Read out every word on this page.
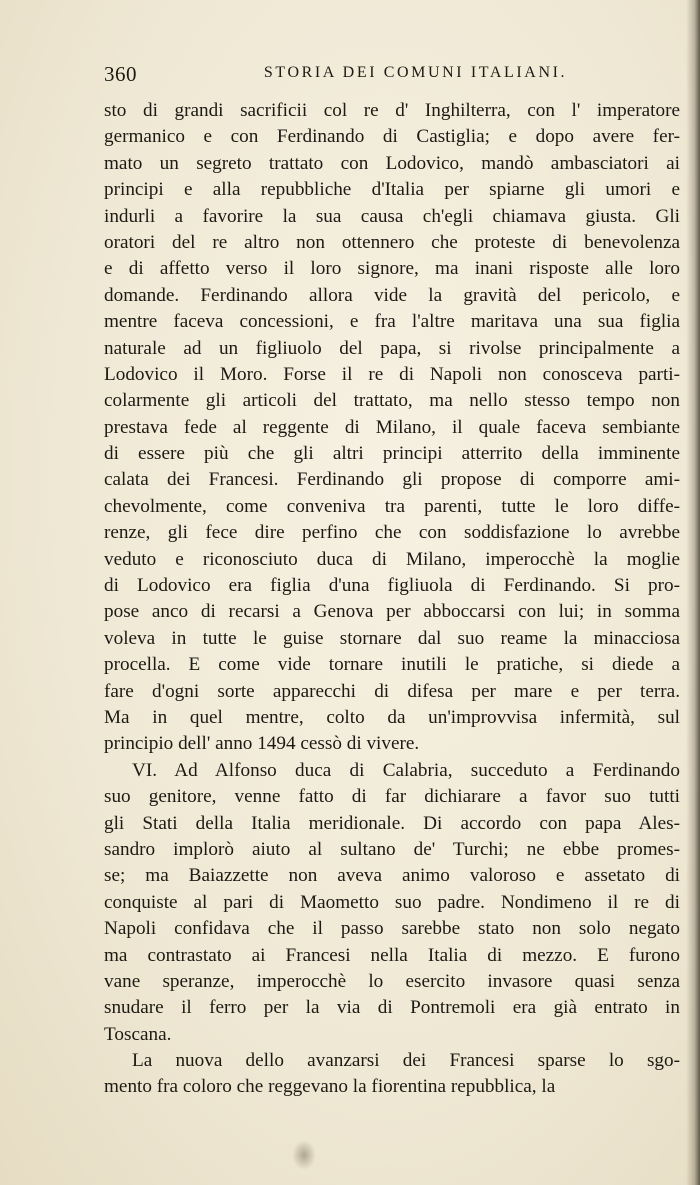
360	STORIA DEI COMUNI ITALIANI.

sto di grandi sacrificii col re d' Inghilterra, con l' imperatore
germanico e con Ferdinando di Castiglia; e dopo avere fer-
mato un segreto trattato con Lodovico, mandò ambasciatori ai
principi e alla repubbliche d'Italia per spiarne gli umori e
indurli a favorire la sua causa ch'egli chiamava giusta. Gli
oratori del re altro non ottennero che proteste di benevolenza
e di affetto verso il loro signore, ma inani risposte alle loro
domande. Ferdinando allora vide la gravità del pericolo, e
mentre faceva concessioni, e fra l'altre maritava una sua figlia
naturale ad un figliuolo del papa, si rivolse principalmente a
Lodovico il Moro. Forse il re di Napoli non conosceva parti-
colarmente gli articoli del trattato, ma nello stesso tempo non
prestava fede al reggente di Milano, il quale faceva sembiante
di essere più che gli altri principi atterrito della imminente
calata dei Francesi. Ferdinando gli propose di comporre ami-
chevolmente, come conveniva tra parenti, tutte le loro diffe-
renze, gli fece dire perfino che con soddisfazione lo avrebbe
veduto e riconosciuto duca di Milano, imperocchè la moglie
di Lodovico era figlia d'una figliuola di Ferdinando. Si pro-
pose anco di recarsi a Genova per abboccarsi con lui; in somma
voleva in tutte le guise stornare dal suo reame la minacciosa
procella. E come vide tornare inutili le pratiche, si diede a
fare d'ogni sorte apparecchi di difesa per mare e per terra.
Ma in quel mentre, colto da un'improvvisa infermità, sul
principio dell' anno 1494 cessò di vivere.

VI. Ad Alfonso duca di Calabria, succeduto a Ferdinando
suo genitore, venne fatto di far dichiarare a favor suo tutti
gli Stati della Italia meridionale. Di accordo con papa Ales-
sandro implorò aiuto al sultano de' Turchi; ne ebbe promes-
se; ma Baiazzette non aveva animo valoroso e assetato di
conquiste al pari di Maometto suo padre. Nondimeno il re di
Napoli confidava che il passo sarebbe stato non solo negato
ma contrastato ai Francesi nella Italia di mezzo. E furono
vane speranze, imperocchè lo esercito invasore quasi senza
snudare il ferro per la via di Pontremoli era già entrato in
Toscana.

La nuova dello avanzarsi dei Francesi sparse lo sgo-
mento fra coloro che reggevano la fiorentina repubblica, la
